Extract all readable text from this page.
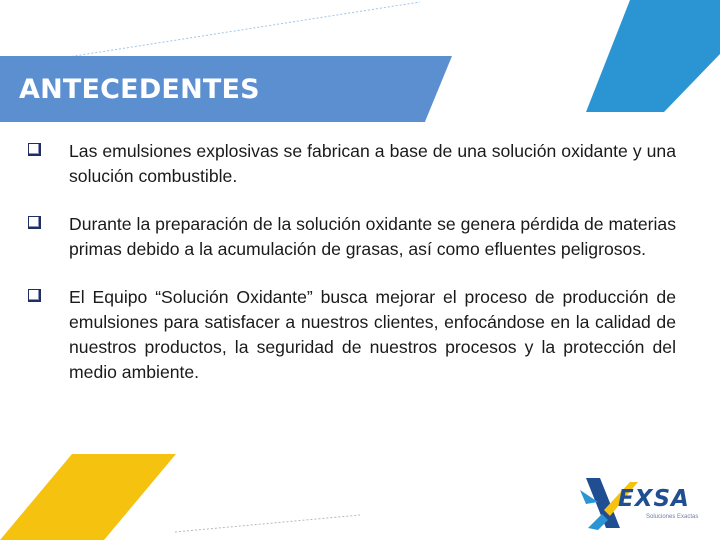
ANTECEDENTES

Las emulsiones explosivas se fabrican a base de una solución oxidante y una solución combustible.

Durante la preparación de la solución oxidante se genera pérdida de materias primas debido a la acumulación de grasas, así como efluentes peligrosos.

El Equipo “Solución Oxidante” busca mejorar el proceso de producción de emulsiones para satisfacer a nuestros clientes, enfocándose en la calidad de nuestros productos, la seguridad de nuestros procesos y la protección del medio ambiente.

EXSA
Soluciones Exactas
